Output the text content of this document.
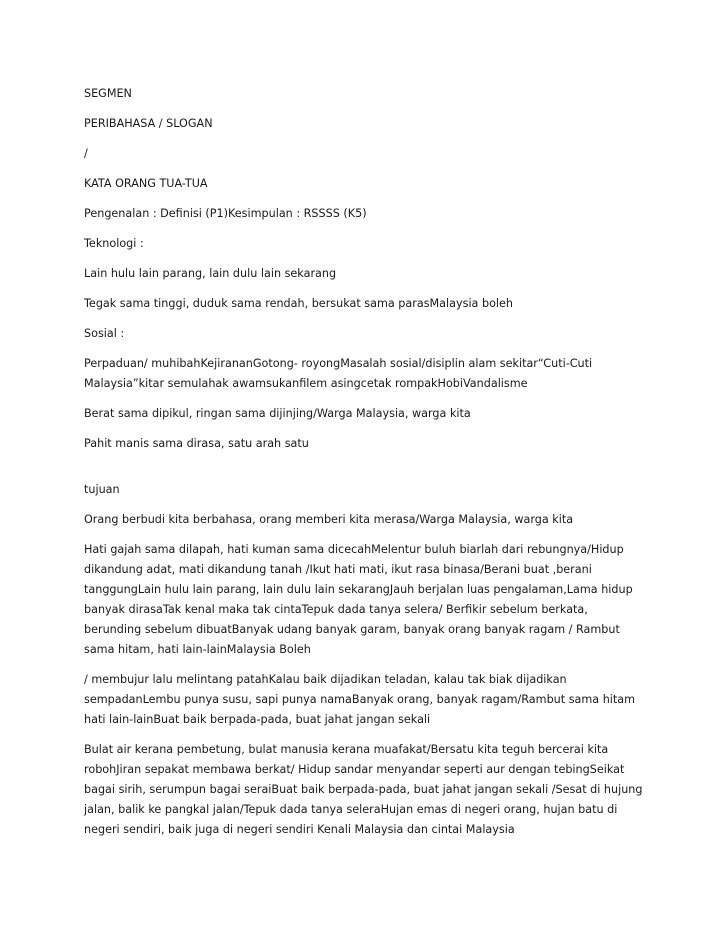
SEGMEN

PERIBAHASA / SLOGAN

/

KATA ORANG TUA-TUA

Pengenalan : Definisi (P1)Kesimpulan : RSSSS (K5)

Teknologi :

Lain hulu lain parang, lain dulu lain sekarang

Tegak sama tinggi, duduk sama rendah, bersukat sama parasMalaysia boleh

Sosial :

Perpaduan/ muhibahKejirananGotong- royongMasalah sosial/disiplin alam sekitar“Cuti-Cuti Malaysia”kitar semulahak awamsukanfilem asingcetak rompakHobiVandalisme

Berat sama dipikul, ringan sama dijinjing/Warga Malaysia, warga kita

Pahit manis sama dirasa, satu arah satu

tujuan

Orang berbudi kita berbahasa, orang memberi kita merasa/Warga Malaysia, warga kita

Hati gajah sama dilapah, hati kuman sama dicecahMelentur buluh biarlah dari rebungnya/Hidup dikandung adat, mati dikandung tanah /Ikut hati mati, ikut rasa binasa/Berani buat ,berani tanggungLain hulu lain parang, lain dulu lain sekarangJauh berjalan luas pengalaman,Lama hidup banyak dirasaTak kenal maka tak cintaTepuk dada tanya selera/ Berfikir sebelum berkata, berunding sebelum dibuatBanyak udang banyak garam, banyak orang banyak ragam / Rambut sama hitam, hati lain-lainMalaysia Boleh

/ membujur lalu melintang patahKalau baik dijadikan teladan, kalau tak biak dijadikan sempadanLembu punya susu, sapi punya namaBanyak orang, banyak ragam/Rambut sama hitam hati lain-lainBuat baik berpada-pada, buat jahat jangan sekali

Bulat air kerana pembetung, bulat manusia kerana muafakat/Bersatu kita teguh bercerai kita robohJiran sepakat membawa berkat/ Hidup sandar menyandar seperti aur dengan tebingSeikat bagai sirih, serumpun bagai seraiBuat baik berpada-pada, buat jahat jangan sekali /Sesat di hujung jalan, balik ke pangkal jalan/Tepuk dada tanya seleraHujan emas di negeri orang, hujan batu di negeri sendiri, baik juga di negeri sendiri Kenali Malaysia dan cintai Malaysia
